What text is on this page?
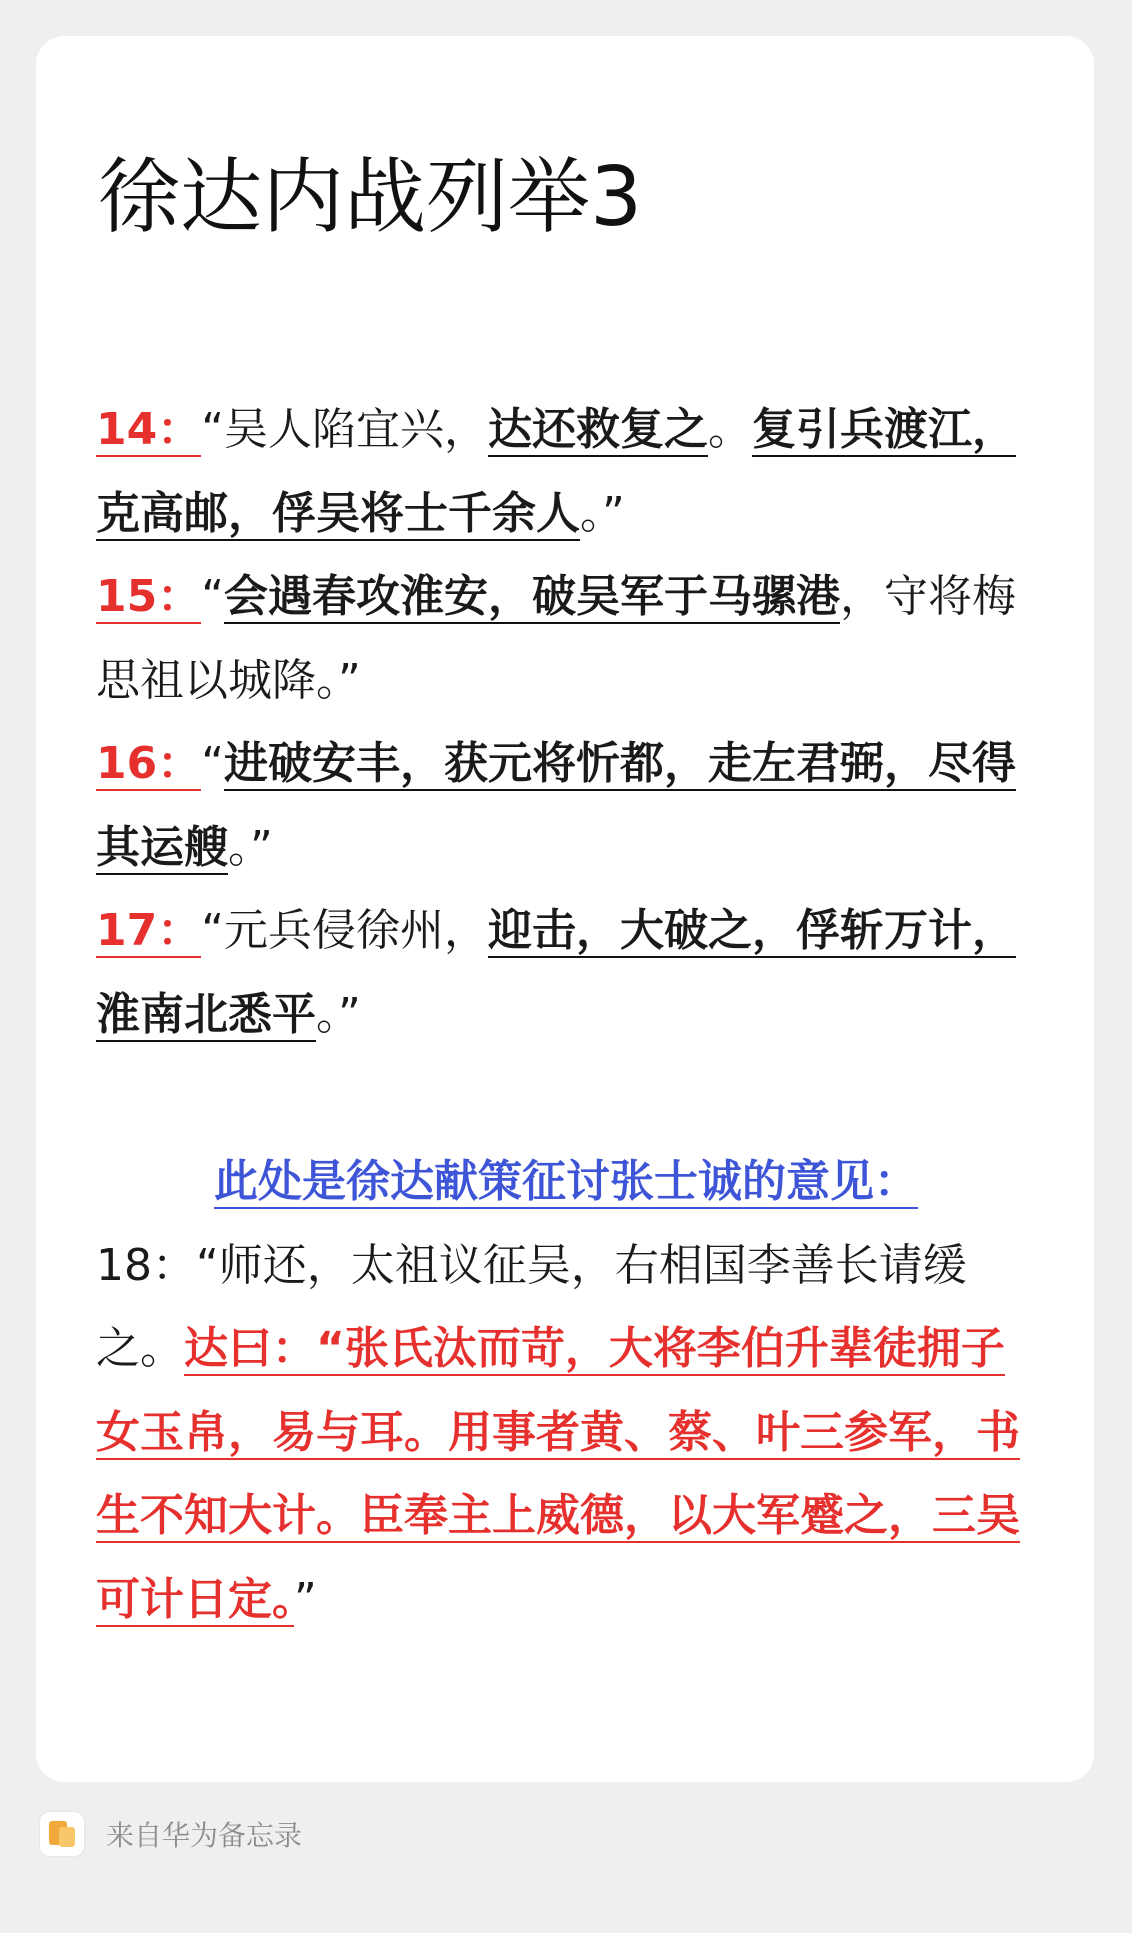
徐达内战列举3

14：“吴人陷宜兴，达还救复之。复引兵渡江，克高邮，俘吴将士千余人。”

15：“会遇春攻淮安，破吴军于马骡港，守将梅思祖以城降。”

16：“进破安丰，获元将忻都，走左君弼，尽得其运艘。”

17：“元兵侵徐州，迎击，大破之，俘斩万计，淮南北悉平。”

此处是徐达献策征讨张士诚的意见：

18：“师还，太祖议征吴，右相国李善长请缓之。达曰：“张氏汰而苛，大将李伯升辈徒拥子女玉帛，易与耳。用事者黄、蔡、叶三参军，书生不知大计。臣奉主上威德，以大军蹙之，三吴可计日定。”

来自华为备忘录
